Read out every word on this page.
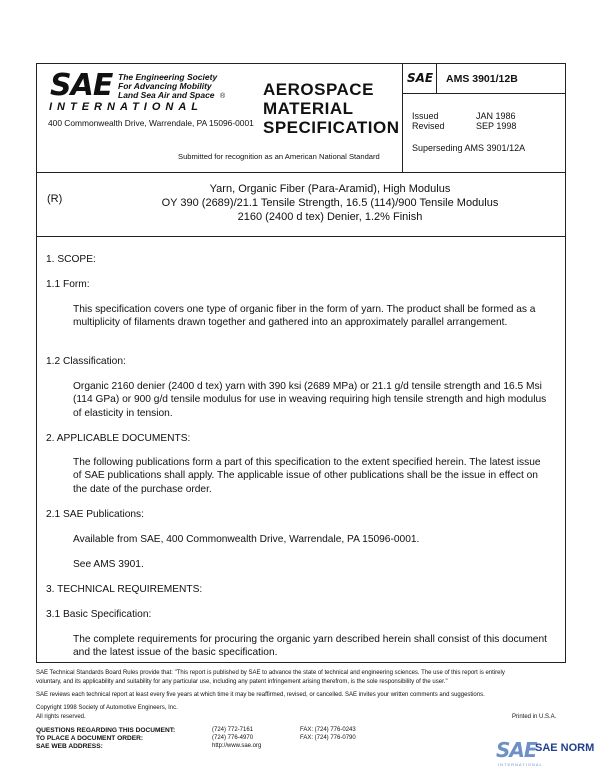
SAE The Engineering Society
For Advancing Mobility
Land Sea Air and Space ®
INTERNATIONAL
400 Commonwealth Drive, Warrendale, PA 15096-0001
Submitted for recognition as an American National Standard
AEROSPACE
MATERIAL
SPECIFICATION
SAE AMS 3901/12B
Issued	JAN 1986
Revised	SEP 1998
Superseding AMS 3901/12A
(R)
Yarn, Organic Fiber (Para-Aramid), High Modulus
OY 390 (2689)/21.1 Tensile Strength, 16.5 (114)/900 Tensile Modulus
2160 (2400 d tex) Denier, 1.2% Finish
1. SCOPE:
1.1 Form:
This specification covers one type of organic fiber in the form of yarn. The product shall be formed as a multiplicity of filaments drawn together and gathered into an approximately parallel arrangement.
1.2 Classification:
Organic 2160 denier (2400 d tex) yarn with 390 ksi (2689 MPa) or 21.1 g/d tensile strength and 16.5 Msi (114 GPa) or 900 g/d tensile modulus for use in weaving requiring high tensile strength and high modulus of elasticity in tension.
2. APPLICABLE DOCUMENTS:
The following publications form a part of this specification to the extent specified herein. The latest issue of SAE publications shall apply. The applicable issue of other publications shall be the issue in effect on the date of the purchase order.
2.1 SAE Publications:
Available from SAE, 400 Commonwealth Drive, Warrendale, PA 15096-0001.
See AMS 3901.
3. TECHNICAL REQUIREMENTS:
3.1 Basic Specification:
The complete requirements for procuring the organic yarn described herein shall consist of this document and the latest issue of the basic specification.
SAE Technical Standards Board Rules provide that: "This report is published by SAE to advance the state of technical and engineering sciences. The use of this report is entirely
voluntary, and its applicability and suitability for any particular use, including any patent infringement arising therefrom, is the sole responsibility of the user."
SAE reviews each technical report at least every five years at which time it may be reaffirmed, revised, or cancelled. SAE invites your written comments and suggestions.
Copyright 1998 Society of Automotive Engineers, Inc.
All rights reserved.	Printed in U.S.A.
QUESTIONS REGARDING THIS DOCUMENT:	(724) 772-7161	FAX: (724) 776-0243
TO PLACE A DOCUMENT ORDER:	(724) 776-4970	FAX: (724) 776-0790
SAE WEB ADDRESS:	http://www.sae.org	SAE
SAE NORM
INTERNATIONAL
